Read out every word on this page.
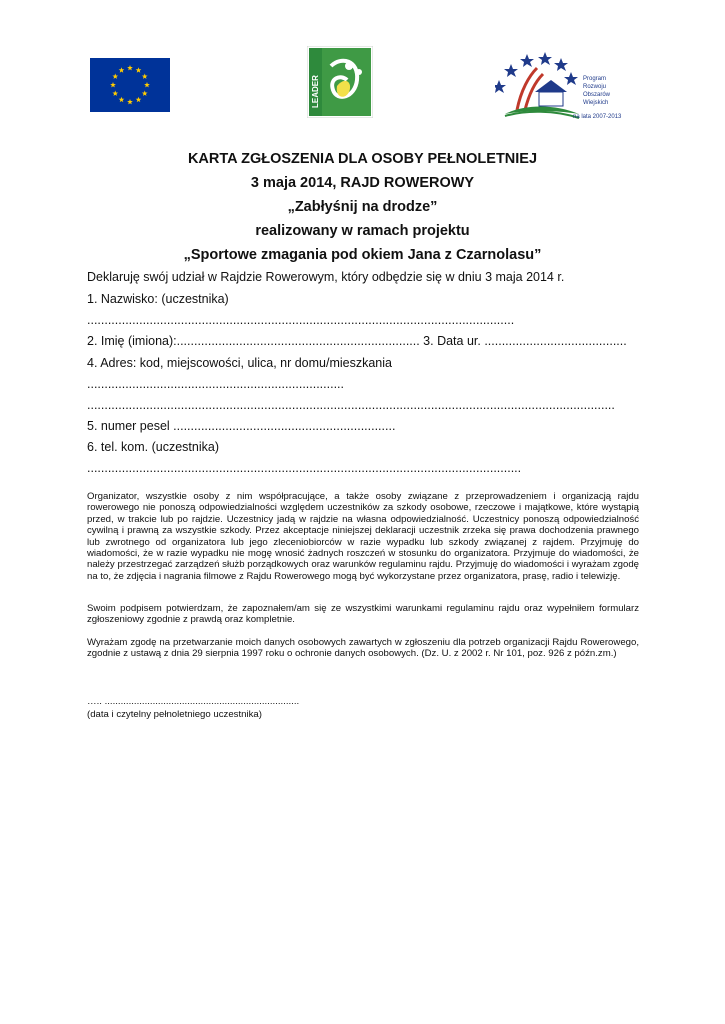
LEADER	Program
Rozwoju
Obszarów
Wiejskich
na lata 2007-2013
KARTA ZGŁOSZENIA DLA OSOBY PEŁNOLETNIEJ
3 maja 2014, RAJD ROWEROWY
„Zabłyśnij na drodze”
realizowany w ramach projektu
„Sportowe zmagania pod okiem Jana z Czarnolasu”
Deklaruję swój udział w Rajdzie Rowerowym, który odbędzie się w dniu 3 maja 2014 r.
1. Nazwisko: (uczestnika)
...........................................................................................................................
2. Imię (imiona):...................................................................... 3. Data ur. .........................................
4. Adres: kod, miejscowości, ulica, nr domu/mieszkania
..........................................................................
........................................................................................................................................................
5. numer pesel ................................................................
6. tel. kom. (uczestnika)
.............................................................................................................................
Organizator, wszystkie osoby z nim współpracujące, a także osoby związane z przeprowadzeniem i organizacją rajdu rowerowego nie ponoszą odpowiedzialności względem uczestników za szkody osobowe, rzeczowe i majątkowe, które wystąpią przed, w trakcie lub po rajdzie. Uczestnicy jadą w rajdzie na własna odpowiedzialność. Uczestnicy ponoszą odpowiedzialność cywilną i prawną za wszystkie szkody. Przez akceptacje niniejszej deklaracji uczestnik zrzeka się prawa dochodzenia prawnego lub zwrotnego od organizatora lub jego zleceniobiorców w razie wypadku lub szkody związanej z rajdem. Przyjmuję do wiadomości, że w razie wypadku nie mogę wnosić żadnych roszczeń w stosunku do organizatora. Przyjmuje do wiadomości, że należy przestrzegać zarządzeń służb porządkowych oraz warunków regulaminu rajdu. Przyjmuję do wiadomości i wyrażam zgodę na to, że zdjęcia i nagrania filmowe z Rajdu Rowerowego mogą być wykorzystane przez organizatora, prasę, radio i telewizję.
Swoim podpisem potwierdzam, że zapoznałem/am się ze wszystkimi warunkami regulaminu rajdu oraz wypełniłem formularz zgłoszeniowy zgodnie z prawdą oraz kompletnie.
Wyrażam zgodę na przetwarzanie moich danych osobowych zawartych w zgłoszeniu dla potrzeb organizacji Rajdu Rowerowego, zgodnie z ustawą z dnia 29 sierpnia 1997 roku o ochronie danych osobowych. (Dz. U. z 2002 r. Nr 101, poz. 926 z późn.zm.)
….. .........................................................................
(data i czytelny pełnoletniego uczestnika)
